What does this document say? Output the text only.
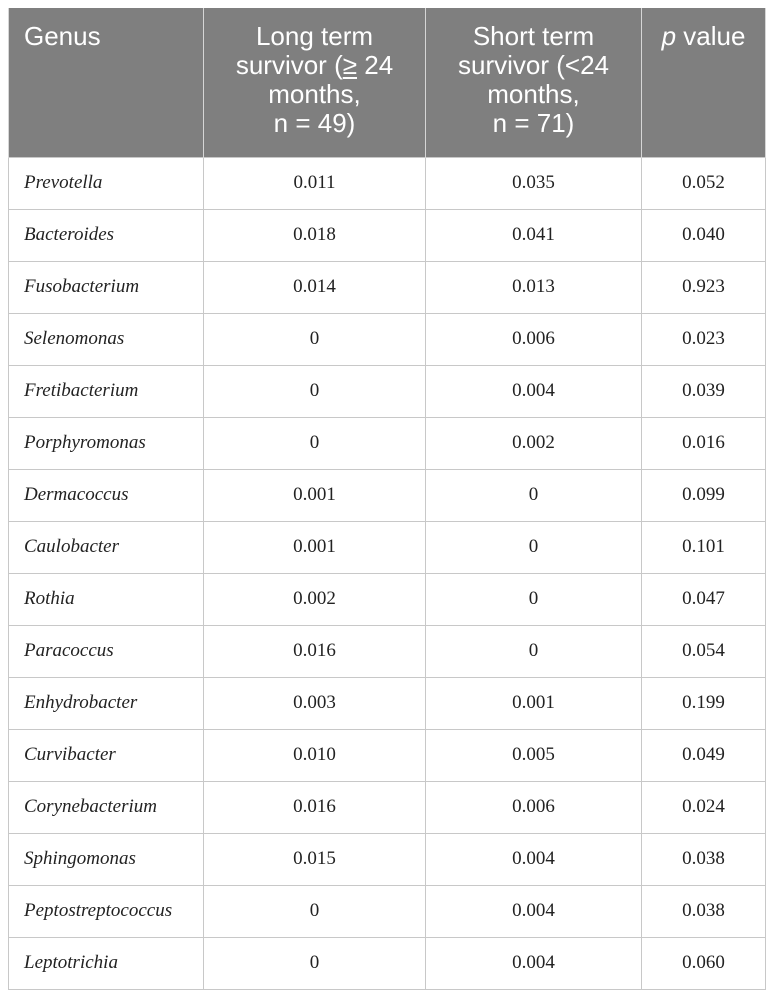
Genus	Long term
survivor (≥ 24
months,
n = 49)	Short term
survivor (<24
months,
n = 71)	p value
Prevotella	0.011	0.035	0.052
Bacteroides	0.018	0.041	0.040
Fusobacterium	0.014	0.013	0.923
Selenomonas	0	0.006	0.023
Fretibacterium	0	0.004	0.039
Porphyromonas	0	0.002	0.016
Dermacoccus	0.001	0	0.099
Caulobacter	0.001	0	0.101
Rothia	0.002	0	0.047
Paracoccus	0.016	0	0.054
Enhydrobacter	0.003	0.001	0.199
Curvibacter	0.010	0.005	0.049
Corynebacterium	0.016	0.006	0.024
Sphingomonas	0.015	0.004	0.038
Peptostreptococcus	0	0.004	0.038
Leptotrichia	0	0.004	0.060
